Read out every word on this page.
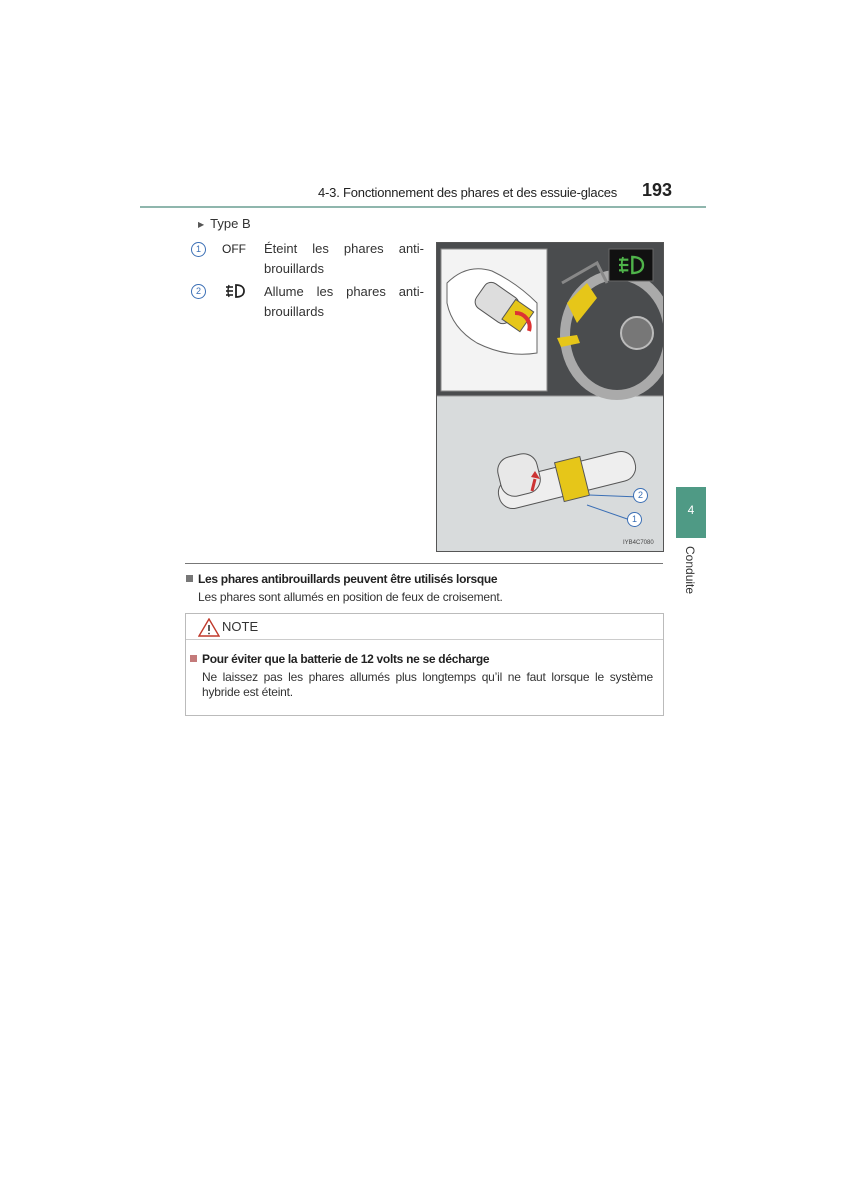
4-3. Fonctionnement des phares et des essuie-glaces 193
4
Conduite
▶ Type B
1	OFF Éteint les phares anti-brouillards
2	Allume les phares anti-brouillards
2
1
IYB4C7080
Les phares antibrouillards peuvent être utilisés lorsque
Les phares sont allumés en position de feux de croisement.
NOTE
Pour éviter que la batterie de 12 volts ne se décharge
Ne laissez pas les phares allumés plus longtemps qu’il ne faut lorsque le système hybride est éteint.
